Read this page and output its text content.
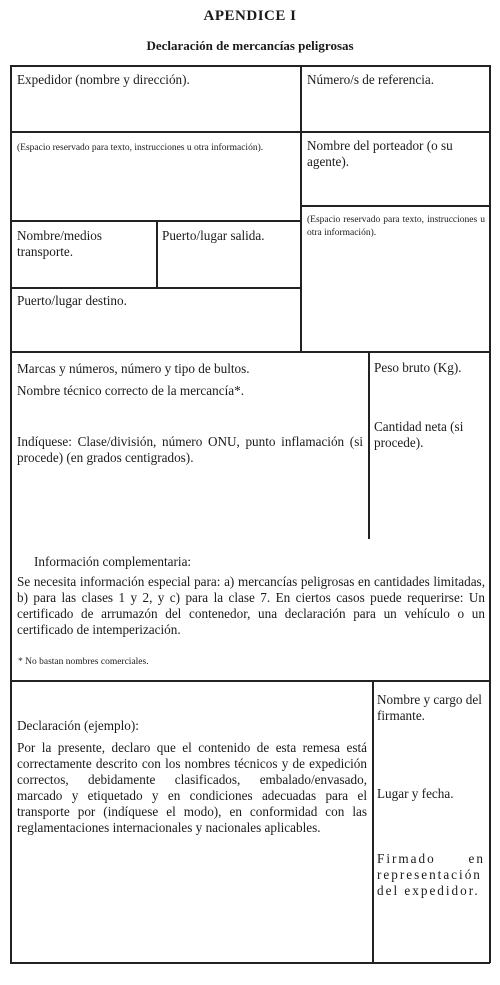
APENDICE I
Declaración de mercancías peligrosas
Expedidor (nombre y dirección).	Número/s de referencia.
(Espacio reservado para texto, instrucciones u otra información).	Nombre del porteador (o su agente).
(Espacio reservado para texto, instrucciones u otra información).
Nombre/medios transporte.
Puerto/lugar salida.
Puerto/lugar destino.
Marcas y números, número y tipo de bultos.
Nombre técnico correcto de la mercancía*.
Indíquese: Clase/división, número ONU, punto inflamación (si procede) (en grados centigrados).
Peso bruto (Kg).
Cantidad neta (si procede).
Información complementaria:
Se necesita información especial para: a) mercancías peligrosas en cantidades limitadas, b) para las clases 1 y 2, y c) para la clase 7. En ciertos casos puede requerirse: Un certificado de arrumazón del contenedor, una declaración para un vehículo o un certificado de intemperización.
* No bastan nombres comerciales.
Declaración (ejemplo):
Por la presente, declaro que el contenido de esta remesa está correctamente descrito con los nombres técnicos y de expedición correctos, debidamente clasificados, embalado/envasado, marcado y etiquetado y en condiciones adecuadas para el transporte por (indíquese el modo), en conformidad con las reglamentaciones internacionales y nacionales aplicables.
Nombre y cargo del firmante.
Lugar y fecha.
Firmado en representación del expedidor.
